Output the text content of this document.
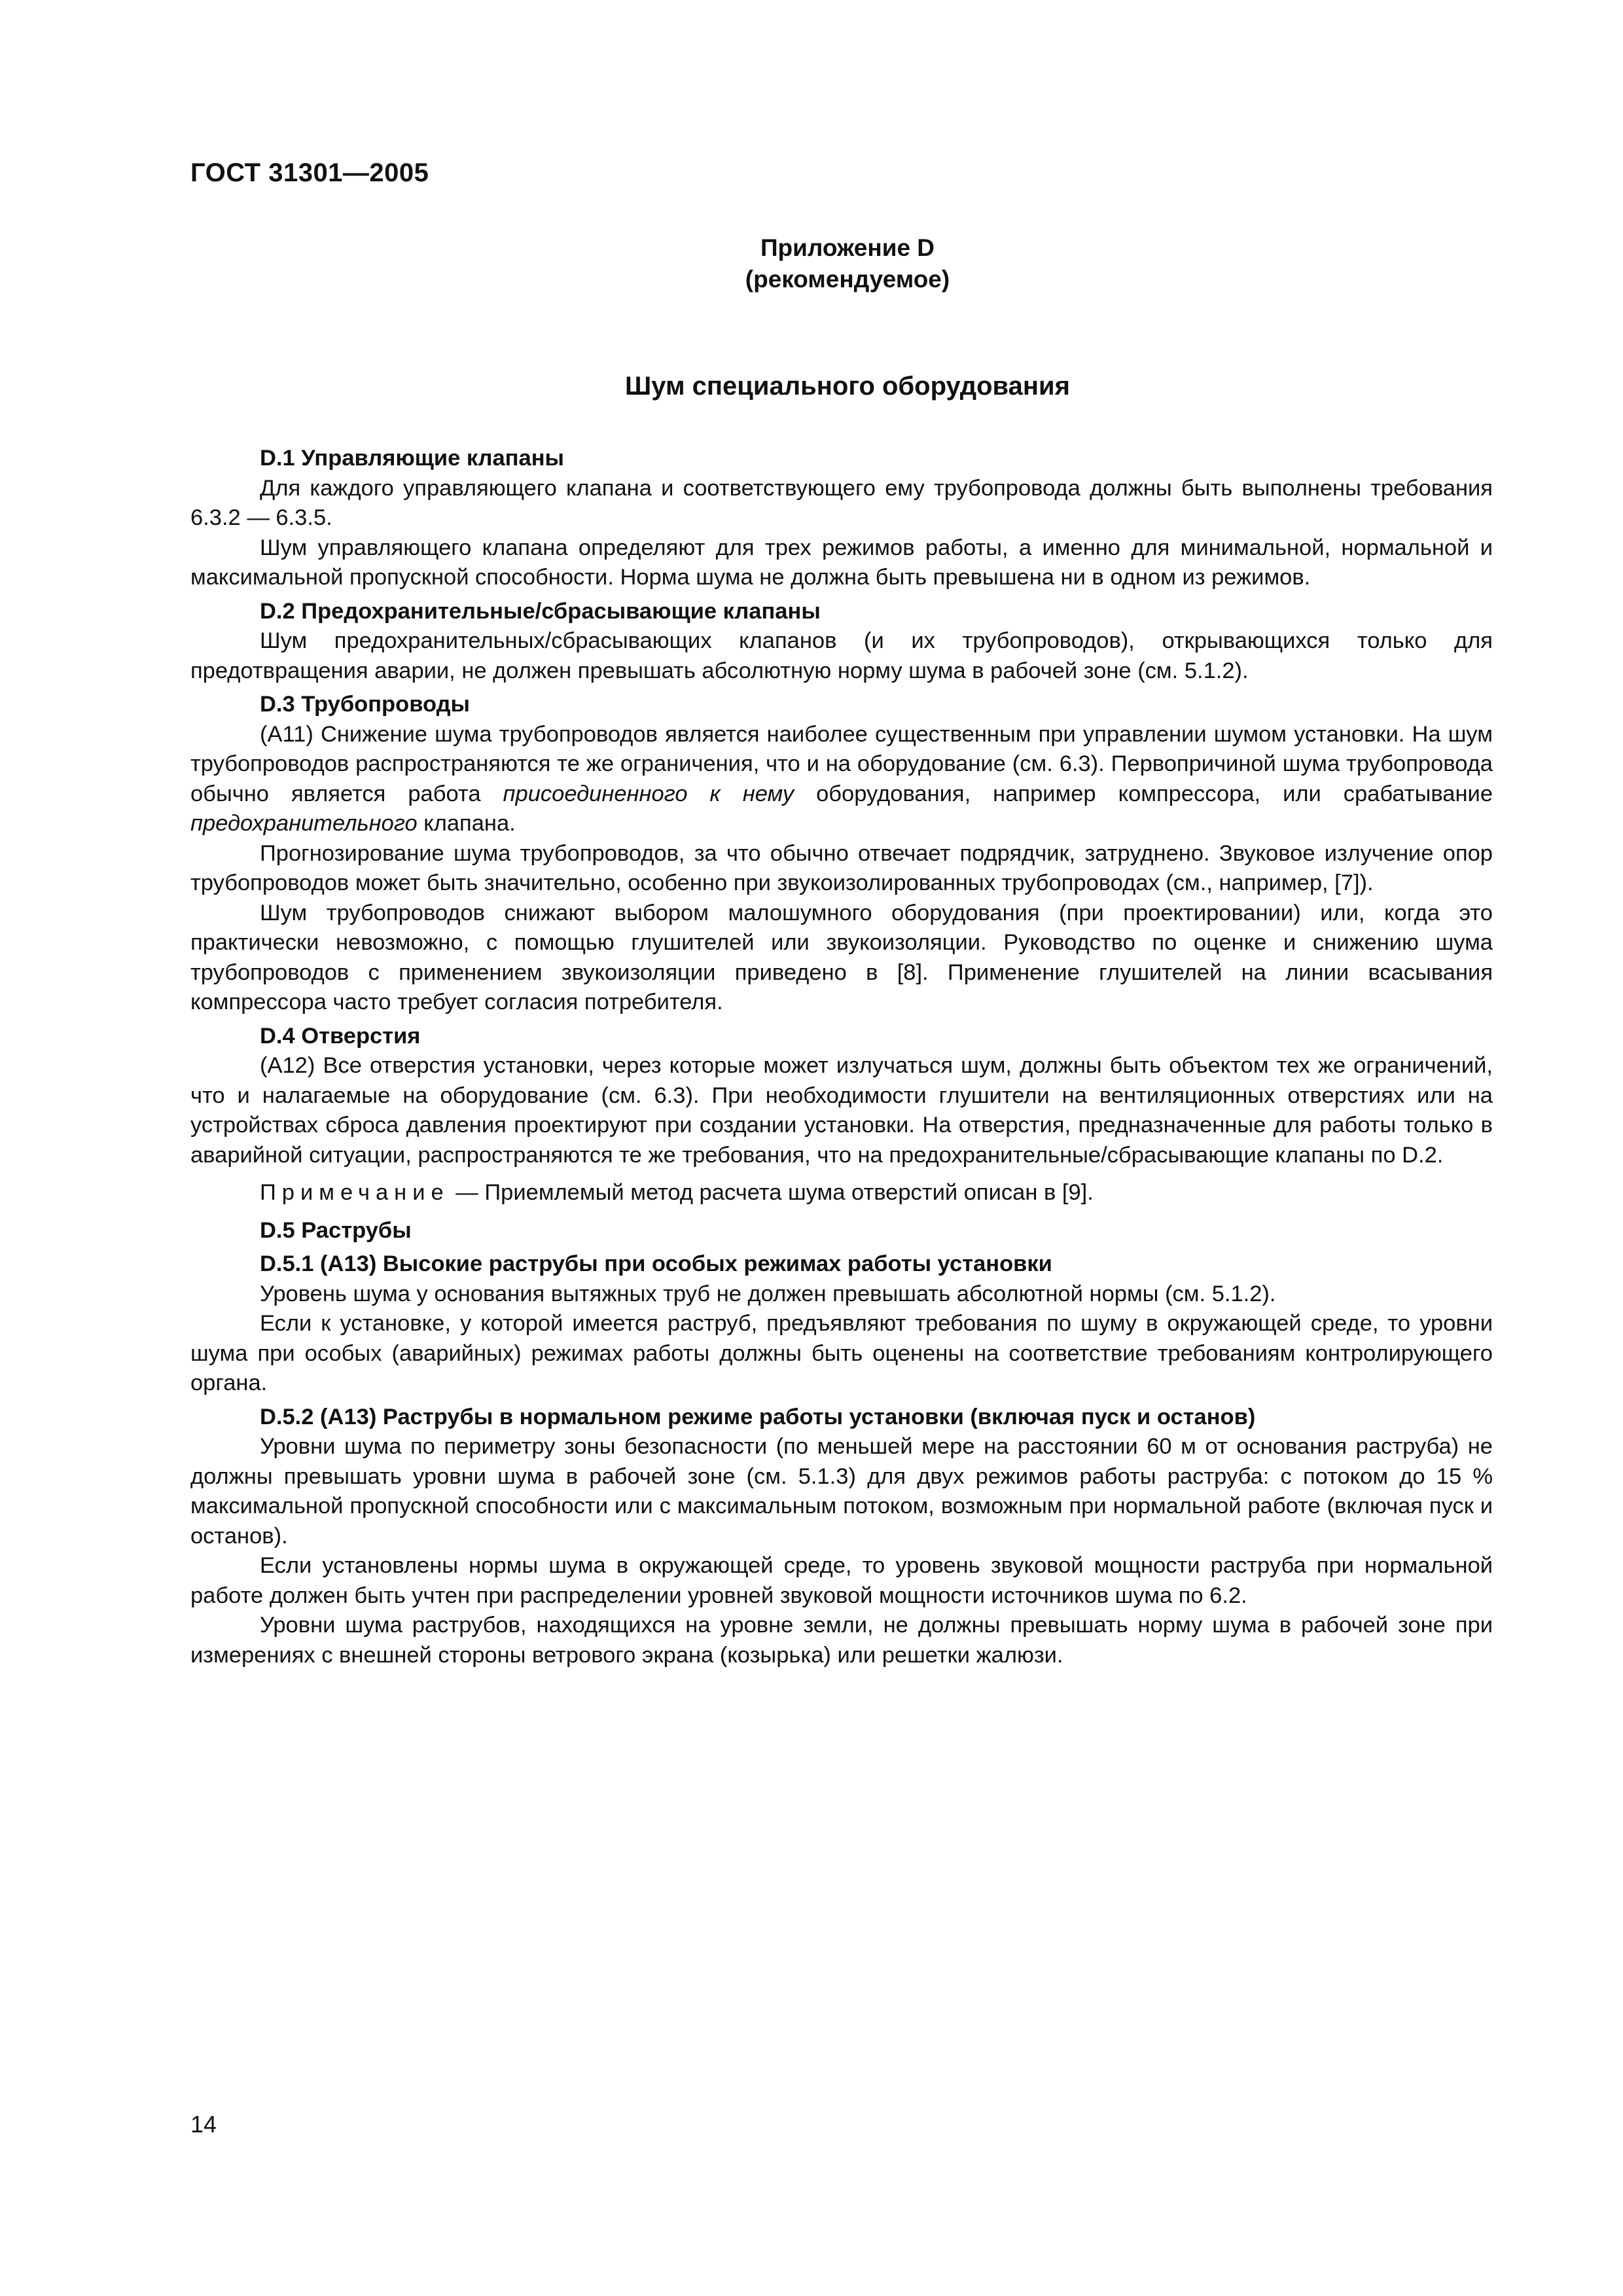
ГОСТ 31301—2005
Приложение D
(рекомендуемое)
Шум специального оборудования

D.1 Управляющие клапаны

Для каждого управляющего клапана и соответствующего ему трубопровода должны быть выполнены требования 6.3.2 — 6.3.5.

Шум управляющего клапана определяют для трех режимов работы, а именно для минимальной, нормальной и максимальной пропускной способности. Норма шума не должна быть превышена ни в одном из режимов.

D.2 Предохранительные/сбрасывающие клапаны

Шум предохранительных/сбрасывающих клапанов (и их трубопроводов), открывающихся только для предотвращения аварии, не должен превышать абсолютную норму шума в рабочей зоне (см. 5.1.2).

D.3 Трубопроводы

(A11) Снижение шума трубопроводов является наиболее существенным при управлении шумом установки. На шум трубопроводов распространяются те же ограничения, что и на оборудование (см. 6.3). Первопричиной шума трубопровода обычно является работа присоединенного к нему оборудования, например компрессора, или срабатывание предохранительного клапана.

Прогнозирование шума трубопроводов, за что обычно отвечает подрядчик, затруднено. Звуковое излучение опор трубопроводов может быть значительно, особенно при звукоизолированных трубопроводах (см., например, [7]).

Шум трубопроводов снижают выбором малошумного оборудования (при проектировании) или, когда это практически невозможно, с помощью глушителей или звукоизоляции. Руководство по оценке и снижению шума трубопроводов с применением звукоизоляции приведено в [8]. Применение глушителей на линии всасывания компрессора часто требует согласия потребителя.

D.4 Отверстия

(A12) Все отверстия установки, через которые может излучаться шум, должны быть объектом тех же ограничений, что и налагаемые на оборудование (см. 6.3). При необходимости глушители на вентиляционных отверстиях или на устройствах сброса давления проектируют при создании установки. На отверстия, предназначенные для работы только в аварийной ситуации, распространяются те же требования, что на предохранительные/сбрасывающие клапаны по D.2.

Примечание — Приемлемый метод расчета шума отверстий описан в [9].

D.5 Раструбы

D.5.1 (A13) Высокие раструбы при особых режимах работы установки

Уровень шума у основания вытяжных труб не должен превышать абсолютной нормы (см. 5.1.2).

Если к установке, у которой имеется раструб, предъявляют требования по шуму в окружающей среде, то уровни шума при особых (аварийных) режимах работы должны быть оценены на соответствие требованиям контролирующего органа.

D.5.2 (A13) Раструбы в нормальном режиме работы установки (включая пуск и останов)

Уровни шума по периметру зоны безопасности (по меньшей мере на расстоянии 60 м от основания раструба) не должны превышать уровни шума в рабочей зоне (см. 5.1.3) для двух режимов работы раструба: с потоком до 15 % максимальной пропускной способности или с максимальным потоком, возможным при нормальной работе (включая пуск и останов).

Если установлены нормы шума в окружающей среде, то уровень звуковой мощности раструба при нормальной работе должен быть учтен при распределении уровней звуковой мощности источников шума по 6.2.

Уровни шума раструбов, находящихся на уровне земли, не должны превышать норму шума в рабочей зоне при измерениях с внешней стороны ветрового экрана (козырька) или решетки жалюзи.

14
